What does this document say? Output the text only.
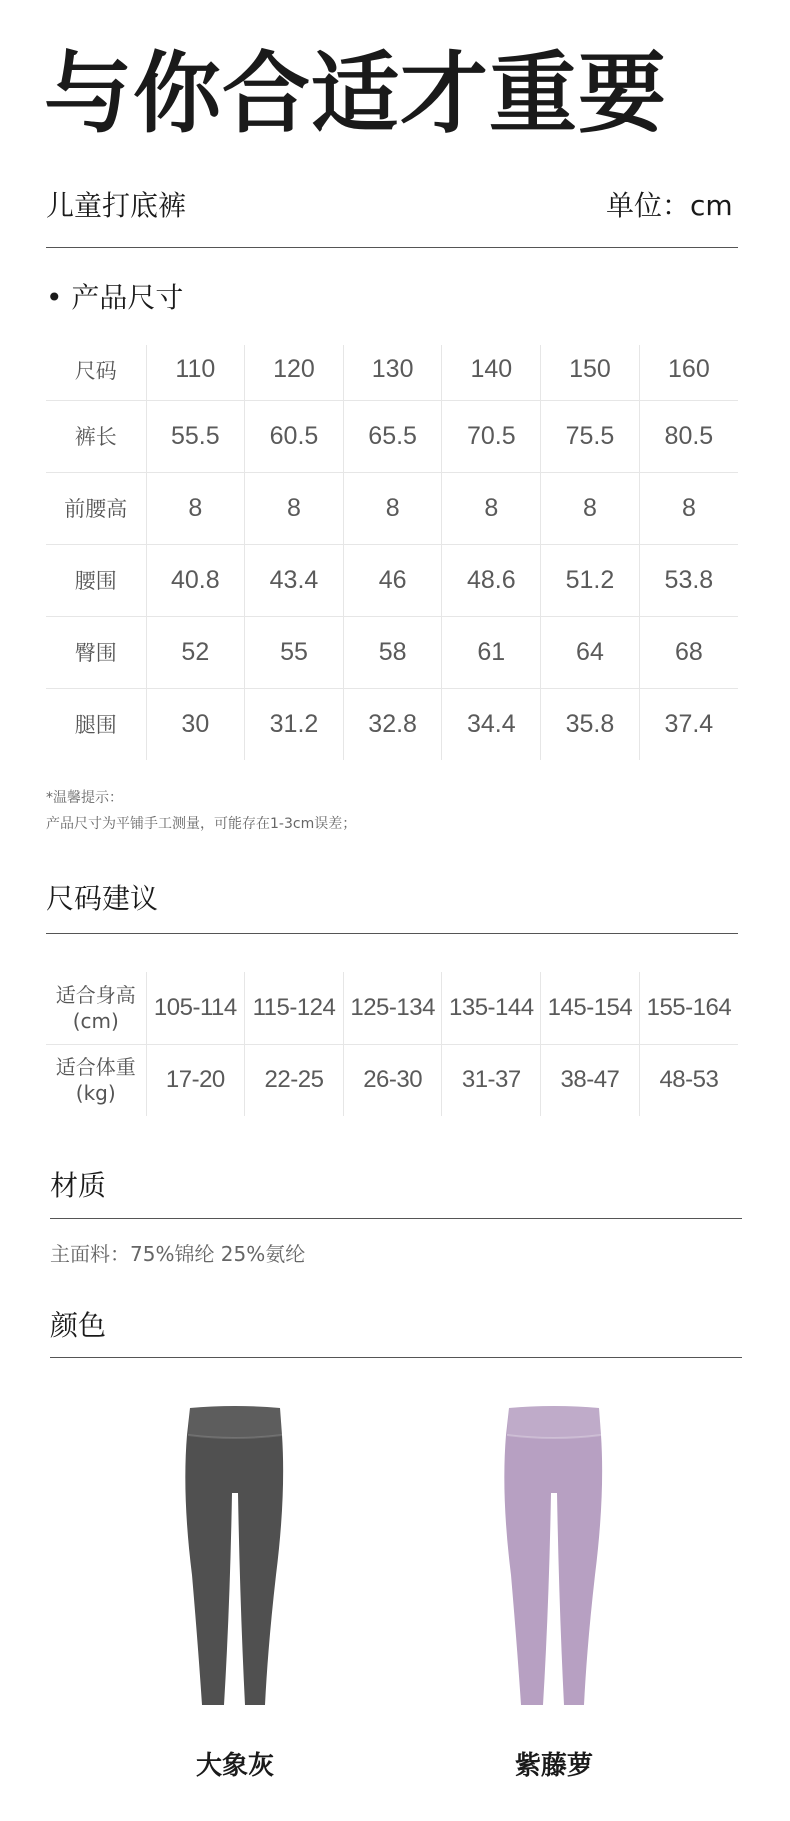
与你合适才重要
儿童打底裤	单位：cm
• 产品尺寸
尺码	110	120	130	140	150	160
裤长	55.5	60.5	65.5	70.5	75.5	80.5
前腰高	8	8	8	8	8	8
腰围	40.8	43.4	46	48.6	51.2	53.8
臀围	52	55	58	61	64	68
腿围	30	31.2	32.8	34.4	35.8	37.4
*温馨提示：
产品尺寸为平铺手工测量，可能存在1-3cm误差；
尺码建议
适合身高
(cm)	105-114	115-124	125-134	135-144	145-154	155-164

适合体重
(kg)	17-20	22-25	26-30	31-37	38-47	48-53
材质
主面料：75%锦纶 25%氨纶
颜色
大象灰	紫藤萝
